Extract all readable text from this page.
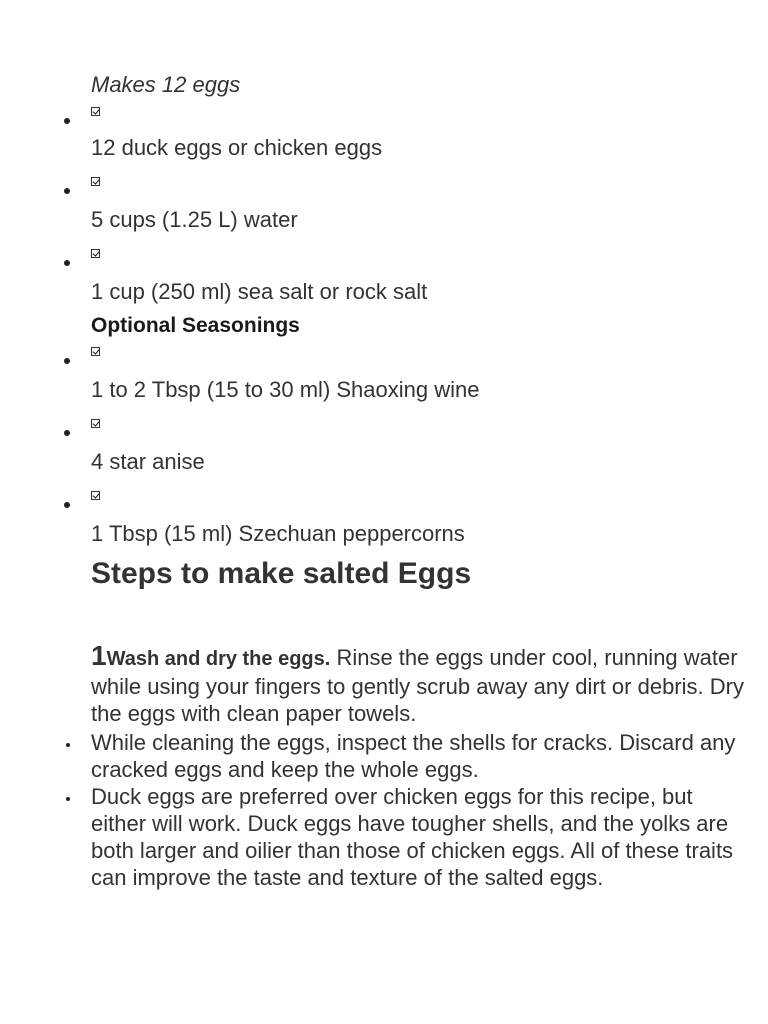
Makes 12 eggs
12 duck eggs or chicken eggs
5 cups (1.25 L) water
1 cup (250 ml) sea salt or rock salt
Optional Seasonings
1 to 2 Tbsp (15 to 30 ml) Shaoxing wine
4 star anise
1 Tbsp (15 ml) Szechuan peppercorns
Steps to make salted Eggs
1Wash and dry the eggs. Rinse the eggs under cool, running water while using your fingers to gently scrub away any dirt or debris. Dry the eggs with clean paper towels.
While cleaning the eggs, inspect the shells for cracks. Discard any cracked eggs and keep the whole eggs.
Duck eggs are preferred over chicken eggs for this recipe, but either will work. Duck eggs have tougher shells, and the yolks are both larger and oilier than those of chicken eggs. All of these traits can improve the taste and texture of the salted eggs.
